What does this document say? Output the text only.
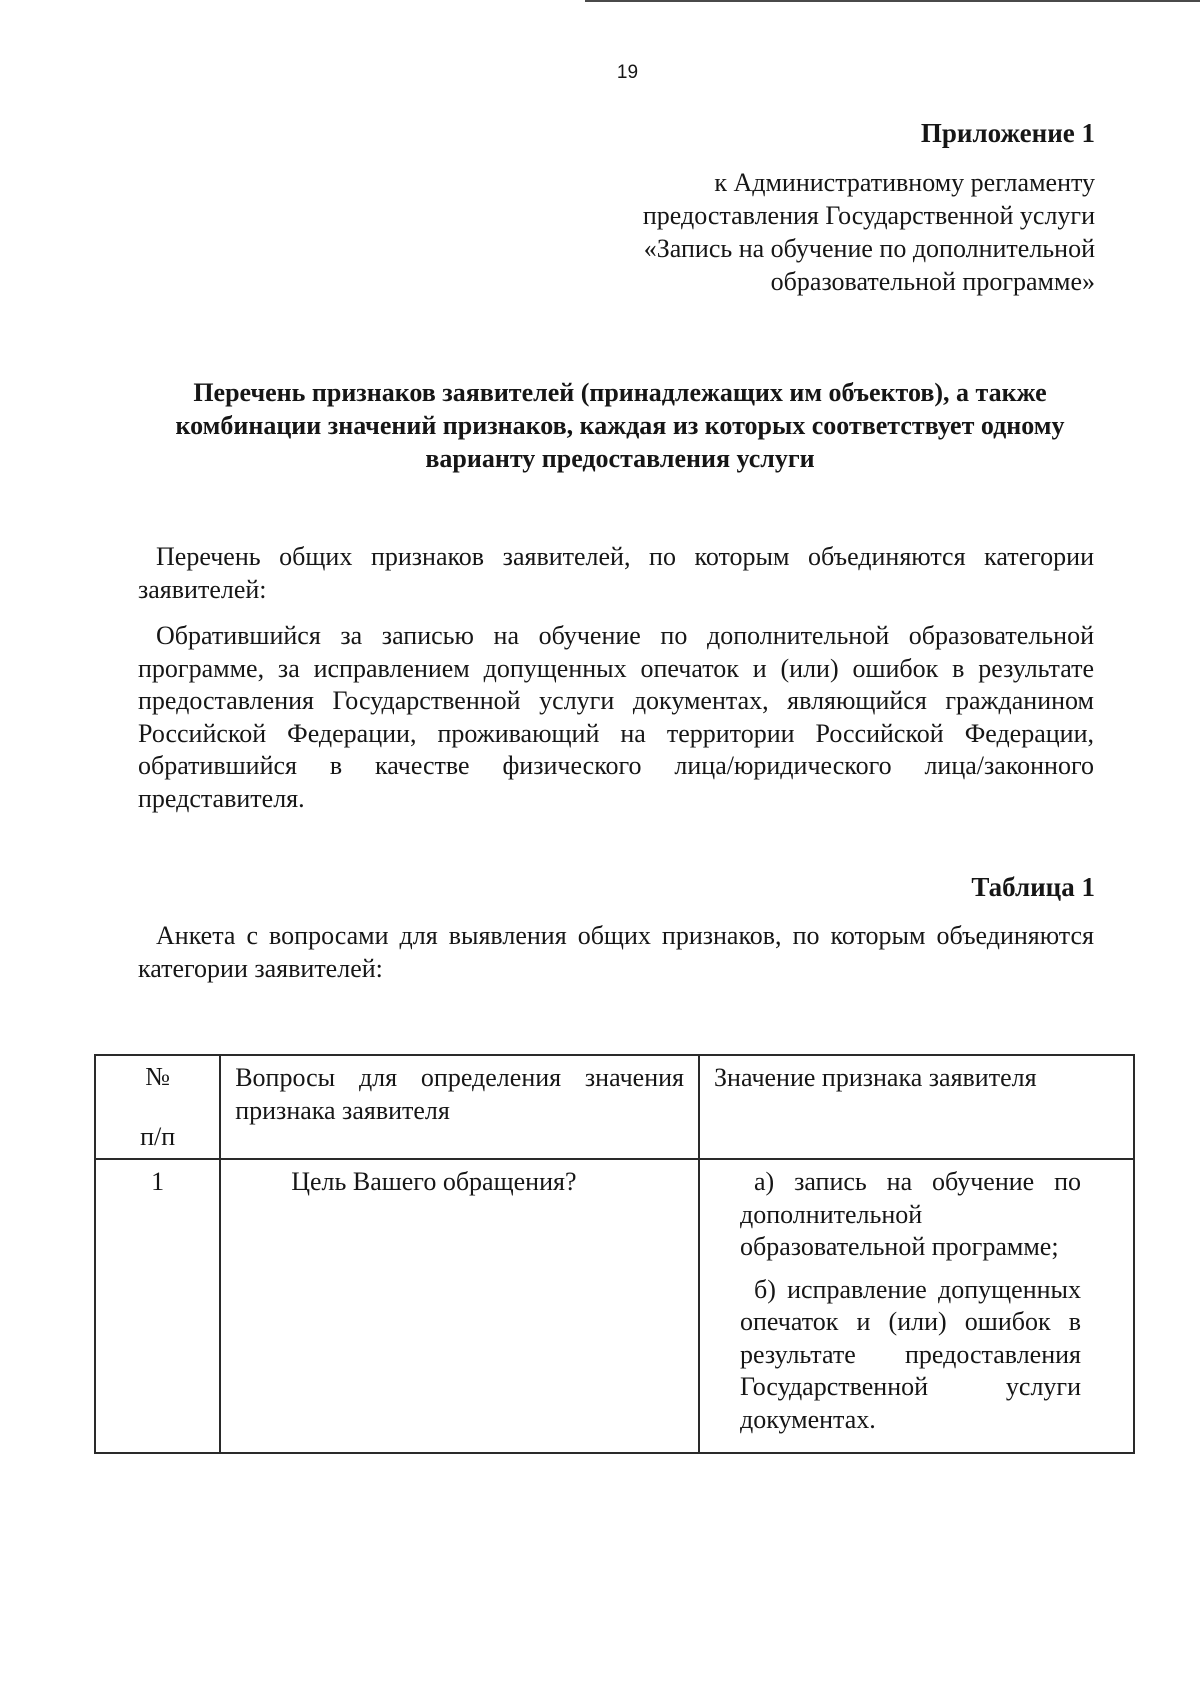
19
Приложение 1
к Административному регламенту предоставления Государственной услуги «Запись на обучение по дополнительной образовательной программе»
Перечень признаков заявителей (принадлежащих им объектов), а также комбинации значений признаков, каждая из которых соответствует одному варианту предоставления услуги
Перечень общих признаков заявителей, по которым объединяются категории заявителей:
Обратившийся за записью на обучение по дополнительной образовательной программе, за исправлением допущенных опечаток и (или) ошибок в результате предоставления Государственной услуги документах, являющийся гражданином Российской Федерации, проживающий на территории Российской Федерации, обратившийся в качестве физического лица/юридического лица/законного представителя.
Таблица 1
Анкета с вопросами для выявления общих признаков, по которым объединяются категории заявителей:
№
п/п	Вопросы для определения значения признака заявителя	Значение признака заявителя
1	Цель Вашего обращения?	а) запись на обучение по дополнительной образовательной программе;
б) исправление допущенных опечаток и (или) ошибок в результате предоставления Государственной услуги документах.
